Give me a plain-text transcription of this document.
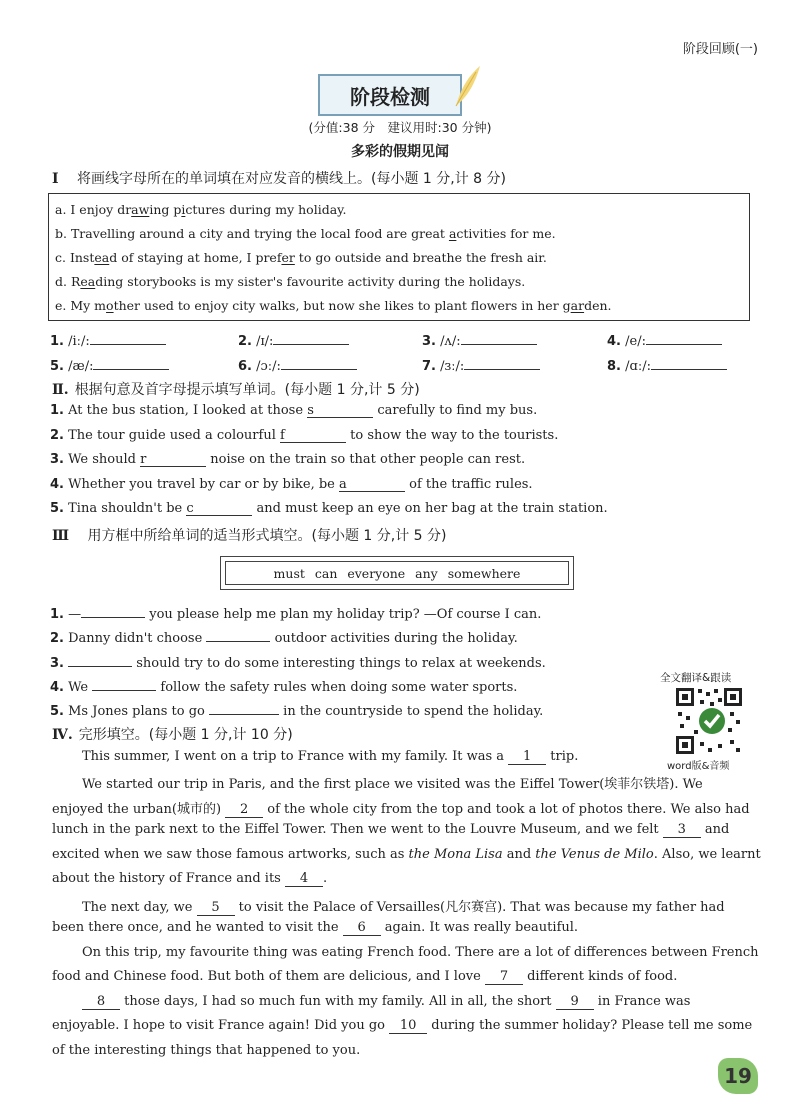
阶段回顾(一)
阶段检测
(分值:38 分　建议用时:30 分钟)
多彩的假期见闻
Ⅰ 将画线字母所在的单词填在对应发音的横线上。(每小题 1 分,计 8 分)
a. I enjoy drawing pictures during my holiday.
b. Travelling around a city and trying the local food are great activities for me.
c. Instead of staying at home, I prefer to go outside and breathe the fresh air.
d. Reading storybooks is my sister's favourite activity during the holidays.
e. My mother used to enjoy city walks, but now she likes to plant flowers in her garden.
1. /iː/:	2. /ɪ/:	3. /ʌ/:	4. /e/:
5. /æ/:	6. /ɔː/:	7. /ɜː/:	8. /ɑː/:
Ⅱ. 根据句意及首字母提示填写单词。(每小题 1 分,计 5 分)
1. At the bus station, I looked at those s	carefully to find my bus.
2. The tour guide used a colourful f	to show the way to the tourists.
3. We should r	noise on the train so that other people can rest.
4. Whether you travel by car or by bike, be a	of the traffic rules.
5. Tina shouldn't be c	and must keep an eye on her bag at the train station.
Ⅲ 用方框中所给单词的适当形式填空。(每小题 1 分,计 5 分)
must can everyone any somewhere
1. —	you please help me plan my holiday trip? —Of course I can.
2. Danny didn't choose	outdoor activities during the holiday.
3.	should try to do some interesting things to relax at weekends.
4. We	follow the safety rules when doing some water sports.
5. Ms Jones plans to go	in the countryside to spend the holiday.
全文翻译&跟读
word版&音频
Ⅳ. 完形填空。(每小题 1 分,计 10 分)
This summer, I went on a trip to France with my family. It was a 1 trip.
We started our trip in Paris, and the first place we visited was the Eiffel Tower(埃菲尔铁塔). We
enjoyed the urban(城市的) 2 of the whole city from the top and took a lot of photos there. We also had
lunch in the park next to the Eiffel Tower. Then we went to the Louvre Museum, and we felt 3 and
excited when we saw those famous artworks, such as the Mona Lisa and the Venus de Milo. Also, we learnt
about the history of France and its 4 .
The next day, we 5 to visit the Palace of Versailles(凡尔赛宫). That was because my father had
been there once, and he wanted to visit the 6 again. It was really beautiful.
On this trip, my favourite thing was eating French food. There are a lot of differences between French
food and Chinese food. But both of them are delicious, and I love 7 different kinds of food.
8 those days, I had so much fun with my family. All in all, the short 9 in France was
enjoyable. I hope to visit France again! Did you go 10 during the summer holiday? Please tell me some
of the interesting things that happened to you.
19
